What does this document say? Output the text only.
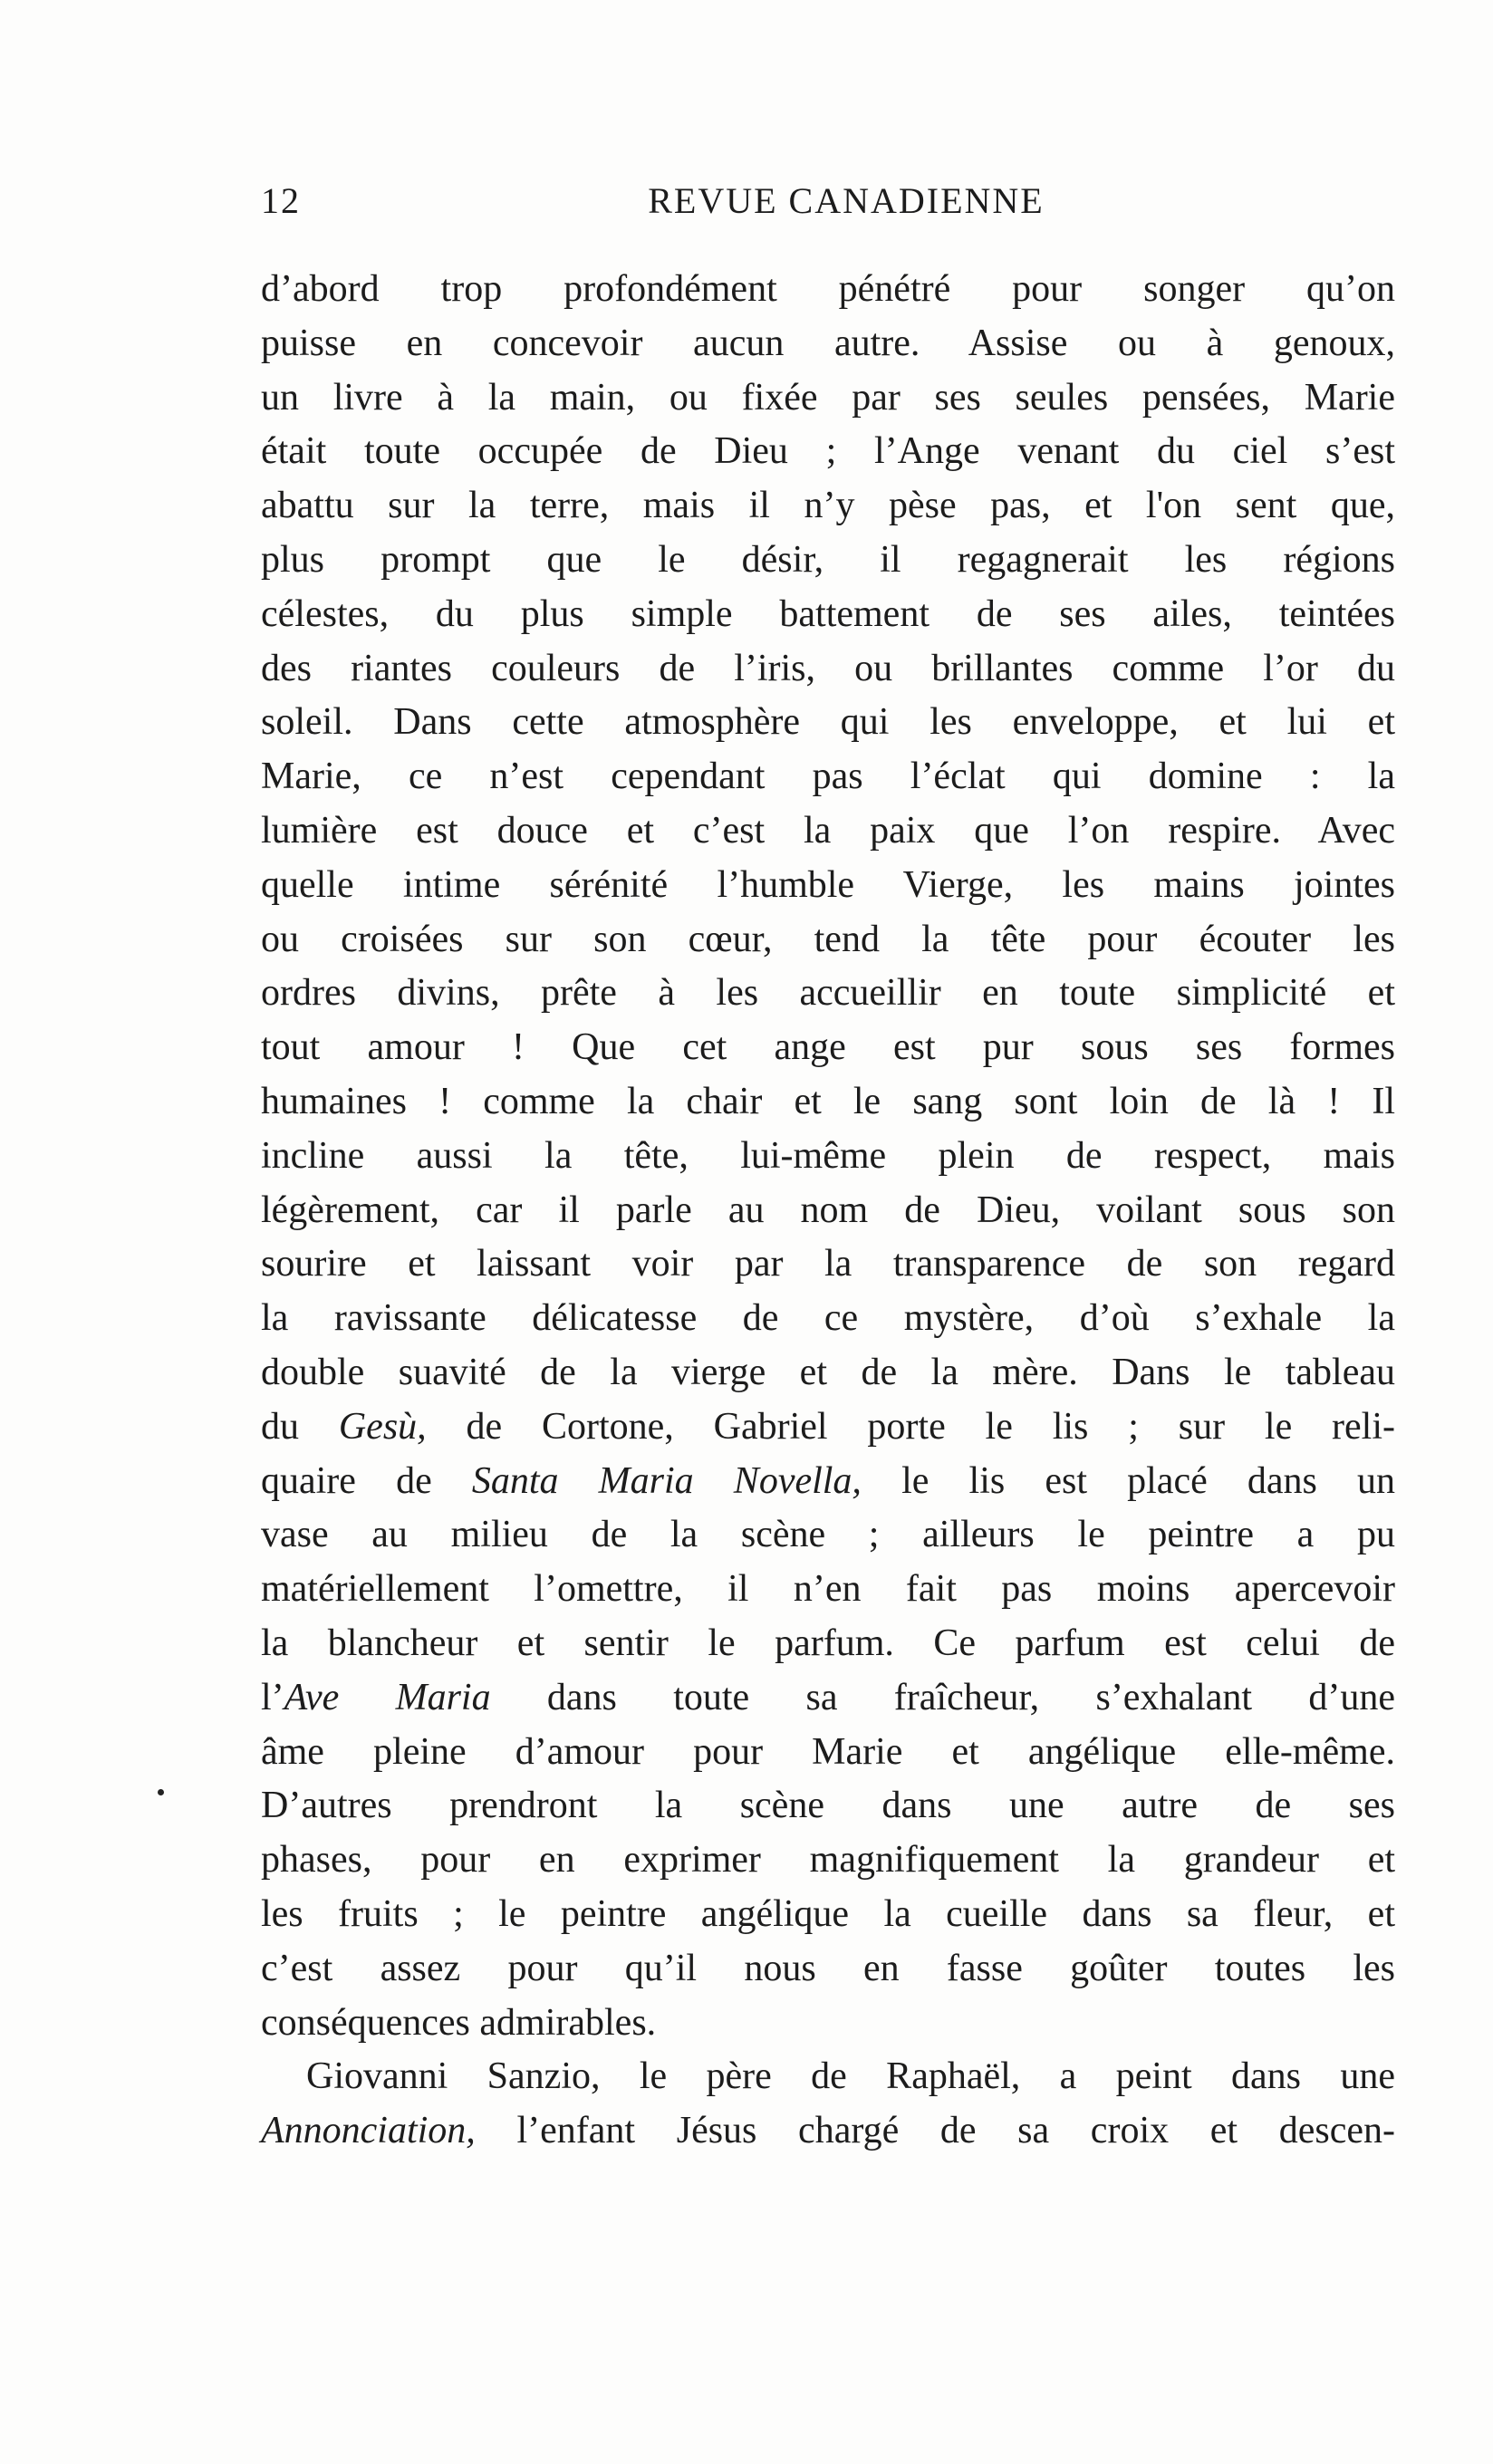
12	REVUE CANADIENNE
d’abord trop profondément pénétré pour songer qu’on
puisse en concevoir aucun autre. Assise ou à genoux,
un livre à la main, ou fixée par ses seules pensées, Marie
était toute occupée de Dieu ; l’Ange venant du ciel s’est
abattu sur la terre, mais il n’y pèse pas, et l'on sent que,
plus prompt que le désir, il regagnerait les régions
célestes, du plus simple battement de ses ailes, teintées
des riantes couleurs de l’iris, ou brillantes comme l’or du
soleil. Dans cette atmosphère qui les enveloppe, et lui et
Marie, ce n’est cependant pas l’éclat qui domine : la
lumière est douce et c’est la paix que l’on respire. Avec
quelle intime sérénité l’humble Vierge, les mains jointes
ou croisées sur son cœur, tend la tête pour écouter les
ordres divins, prête à les accueillir en toute simplicité et
tout amour ! Que cet ange est pur sous ses formes
humaines ! comme la chair et le sang sont loin de là ! Il
incline aussi la tête, lui-même plein de respect, mais
légèrement, car il parle au nom de Dieu, voilant sous son
sourire et laissant voir par la transparence de son regard
la ravissante délicatesse de ce mystère, d’où s’exhale la
double suavité de la vierge et de la mère. Dans le tableau
du Gesù, de Cortone, Gabriel porte le lis ; sur le reli-
quaire de Santa Maria Novella, le lis est placé dans un
vase au milieu de la scène ; ailleurs le peintre a pu
matériellement l’omettre, il n’en fait pas moins apercevoir
la blancheur et sentir le parfum. Ce parfum est celui de
l’Ave Maria dans toute sa fraîcheur, s’exhalant d’une
âme pleine d’amour pour Marie et angélique elle-même.
D’autres prendront la scène dans une autre de ses
phases, pour en exprimer magnifiquement la grandeur et
les fruits ; le peintre angélique la cueille dans sa fleur, et
c’est assez pour qu’il nous en fasse goûter toutes les
conséquences admirables.
Giovanni Sanzio, le père de Raphaël, a peint dans une
Annonciation, l’enfant Jésus chargé de sa croix et descen-
